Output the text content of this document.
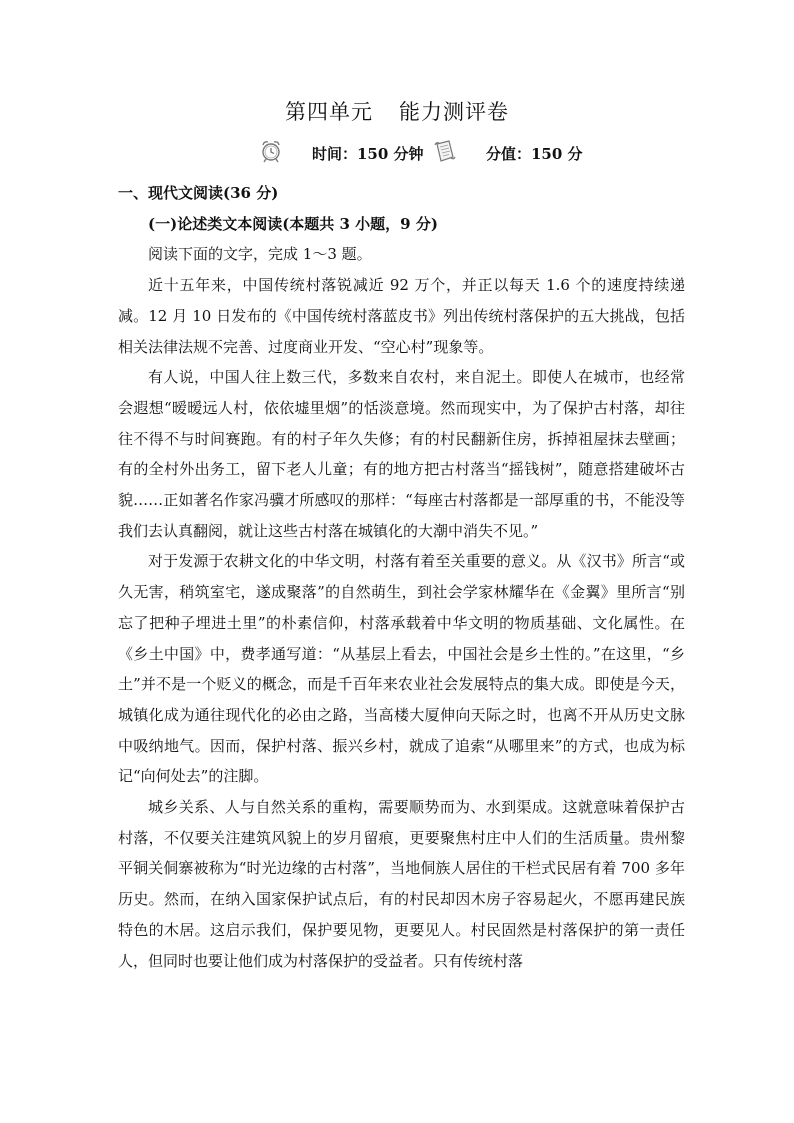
第四单元 能力测评卷
时间：150 分钟	分值：150 分

一、现代文阅读(36 分)

(一)论述类文本阅读(本题共 3 小题，9 分)

阅读下面的文字，完成 1～3 题。

近十五年来，中国传统村落锐减近 92 万个，并正以每天 1.6 个的速度持续递减。12 月 10 日发布的《中国传统村落蓝皮书》列出传统村落保护的五大挑战，包括相关法律法规不完善、过度商业开发、“空心村”现象等。

有人说，中国人往上数三代，多数来自农村，来自泥土。即使人在城市，也经常会遐想“暧暧远人村，依依墟里烟”的恬淡意境。然而现实中，为了保护古村落，却往往不得不与时间赛跑。有的村子年久失修；有的村民翻新住房，拆掉祖屋抹去壁画；有的全村外出务工，留下老人儿童；有的地方把古村落当“摇钱树”，随意搭建破坏古貌……正如著名作家冯骥才所感叹的那样：“每座古村落都是一部厚重的书，不能没等我们去认真翻阅，就让这些古村落在城镇化的大潮中消失不见。”

对于发源于农耕文化的中华文明，村落有着至关重要的意义。从《汉书》所言“或久无害，稍筑室宅，遂成聚落”的自然萌生，到社会学家林耀华在《金翼》里所言“别忘了把种子埋进土里”的朴素信仰，村落承载着中华文明的物质基础、文化属性。在《乡土中国》中，费孝通写道：“从基层上看去，中国社会是乡土性的。”在这里，“乡土”并不是一个贬义的概念，而是千百年来农业社会发展特点的集大成。即使是今天，城镇化成为通往现代化的必由之路，当高楼大厦伸向天际之时，也离不开从历史文脉中吸纳地气。因而，保护村落、振兴乡村，就成了追索“从哪里来”的方式，也成为标记“向何处去”的注脚。

城乡关系、人与自然关系的重构，需要顺势而为、水到渠成。这就意味着保护古村落，不仅要关注建筑风貌上的岁月留痕，更要聚焦村庄中人们的生活质量。贵州黎平铜关侗寨被称为“时光边缘的古村落”，当地侗族人居住的干栏式民居有着 700 多年历史。然而，在纳入国家保护试点后，有的村民却因木房子容易起火，不愿再建民族特色的木居。这启示我们，保护要见物，更要见人。村民固然是村落保护的第一责任人，但同时也要让他们成为村落保护的受益者。只有传统村落
